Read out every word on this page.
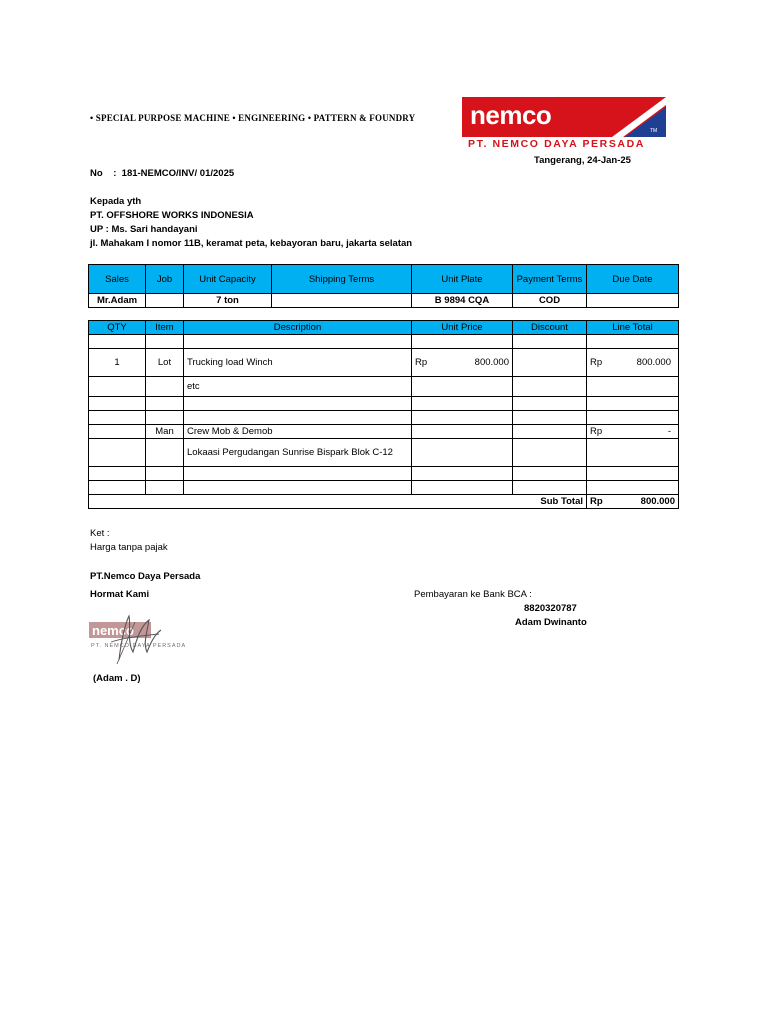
• SPECIAL PURPOSE MACHINE • ENGINEERING • PATTERN & FOUNDRY nemco
TM
PT. NEMCO DAYA PERSADA
Tangerang, 24-Jan-25
No    :  181-NEMCO/INV/ 01/2025
Kepada yth
PT. OFFSHORE WORKS INDONESIA
UP : Ms. Sari handayani
jl. Mahakam I nomor 11B, keramat peta, kebayoran baru, jakarta selatan
Sales	Job	Unit Capacity	Shipping Terms	Unit Plate	Payment Terms	Due Date
Mr.Adam		7 ton		B 9894 CQA	COD	
QTY	Item	Description	Unit Price	Discount	Line Total

1	Lot	Trucking load Winch	Rp 800.000		Rp 800.000

		etc	

	Man	Crew Mob & Demob			Rp -

		Lokaasi Pergudangan Sunrise Bispark Blok C-12	

Sub Total					Rp 800.000
Ket :
Harga tanpa pajak
PT.Nemco Daya Persada
Hormat Kami	Pembayaran ke Bank BCA :
8820320787
Adam Dwinanto
nemco
PT. NEMCO DAYA PERSADA
(Adam . D)
